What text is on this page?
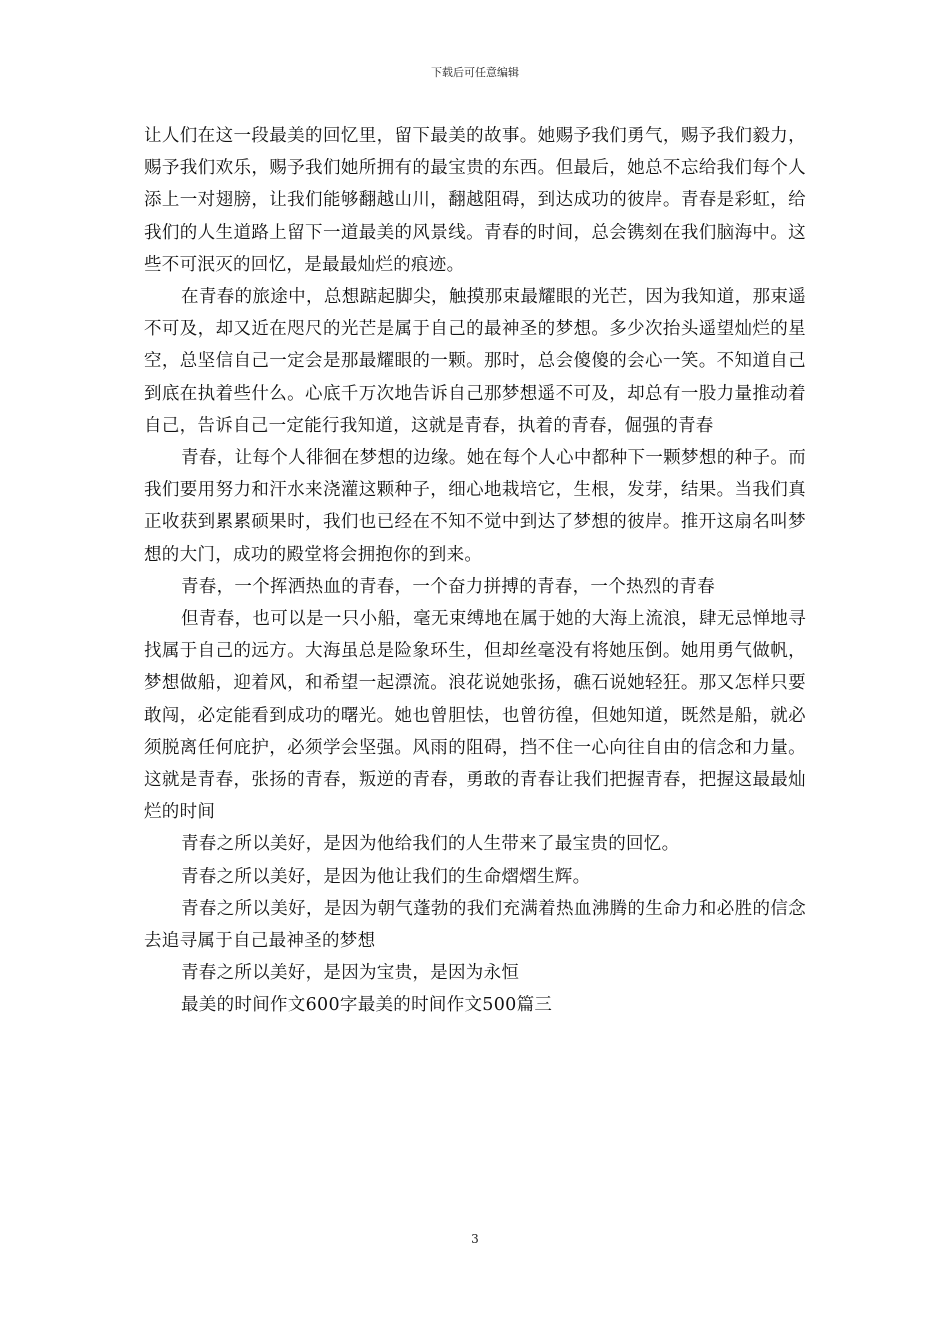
下载后可任意编辑

让人们在这一段最美的回忆里，留下最美的故事。她赐予我们勇气，赐予我们毅力，赐予我们欢乐，赐予我们她所拥有的最宝贵的东西。但最后，她总不忘给我们每个人添上一对翅膀，让我们能够翻越山川，翻越阻碍，到达成功的彼岸。青春是彩虹，给我们的人生道路上留下一道最美的风景线。青春的时间，总会镌刻在我们脑海中。这些不可泯灭的回忆，是最最灿烂的痕迹。

在青春的旅途中，总想踮起脚尖，触摸那束最耀眼的光芒，因为我知道，那束遥不可及，却又近在咫尺的光芒是属于自己的最神圣的梦想。多少次抬头遥望灿烂的星空，总坚信自己一定会是那最耀眼的一颗。那时，总会傻傻的会心一笑。不知道自己到底在执着些什么。心底千万次地告诉自己那梦想遥不可及，却总有一股力量推动着自己，告诉自己一定能行我知道，这就是青春，执着的青春，倔强的青春

青春，让每个人徘徊在梦想的边缘。她在每个人心中都种下一颗梦想的种子。而我们要用努力和汗水来浇灌这颗种子，细心地栽培它，生根，发芽，结果。当我们真正收获到累累硕果时，我们也已经在不知不觉中到达了梦想的彼岸。推开这扇名叫梦想的大门，成功的殿堂将会拥抱你的到来。

青春，一个挥洒热血的青春，一个奋力拼搏的青春，一个热烈的青春

但青春，也可以是一只小船，毫无束缚地在属于她的大海上流浪，肆无忌惮地寻找属于自己的远方。大海虽总是险象环生，但却丝毫没有将她压倒。她用勇气做帆，梦想做船，迎着风，和希望一起漂流。浪花说她张扬，礁石说她轻狂。那又怎样只要敢闯，必定能看到成功的曙光。她也曾胆怯，也曾彷徨，但她知道，既然是船，就必须脱离任何庇护，必须学会坚强。风雨的阻碍，挡不住一心向往自由的信念和力量。这就是青春，张扬的青春，叛逆的青春，勇敢的青春让我们把握青春，把握这最最灿烂的时间

青春之所以美好，是因为他给我们的人生带来了最宝贵的回忆。

青春之所以美好，是因为他让我们的生命熠熠生辉。

青春之所以美好，是因为朝气蓬勃的我们充满着热血沸腾的生命力和必胜的信念去追寻属于自己最神圣的梦想

青春之所以美好，是因为宝贵，是因为永恒

最美的时间作文600字最美的时间作文500篇三

3
